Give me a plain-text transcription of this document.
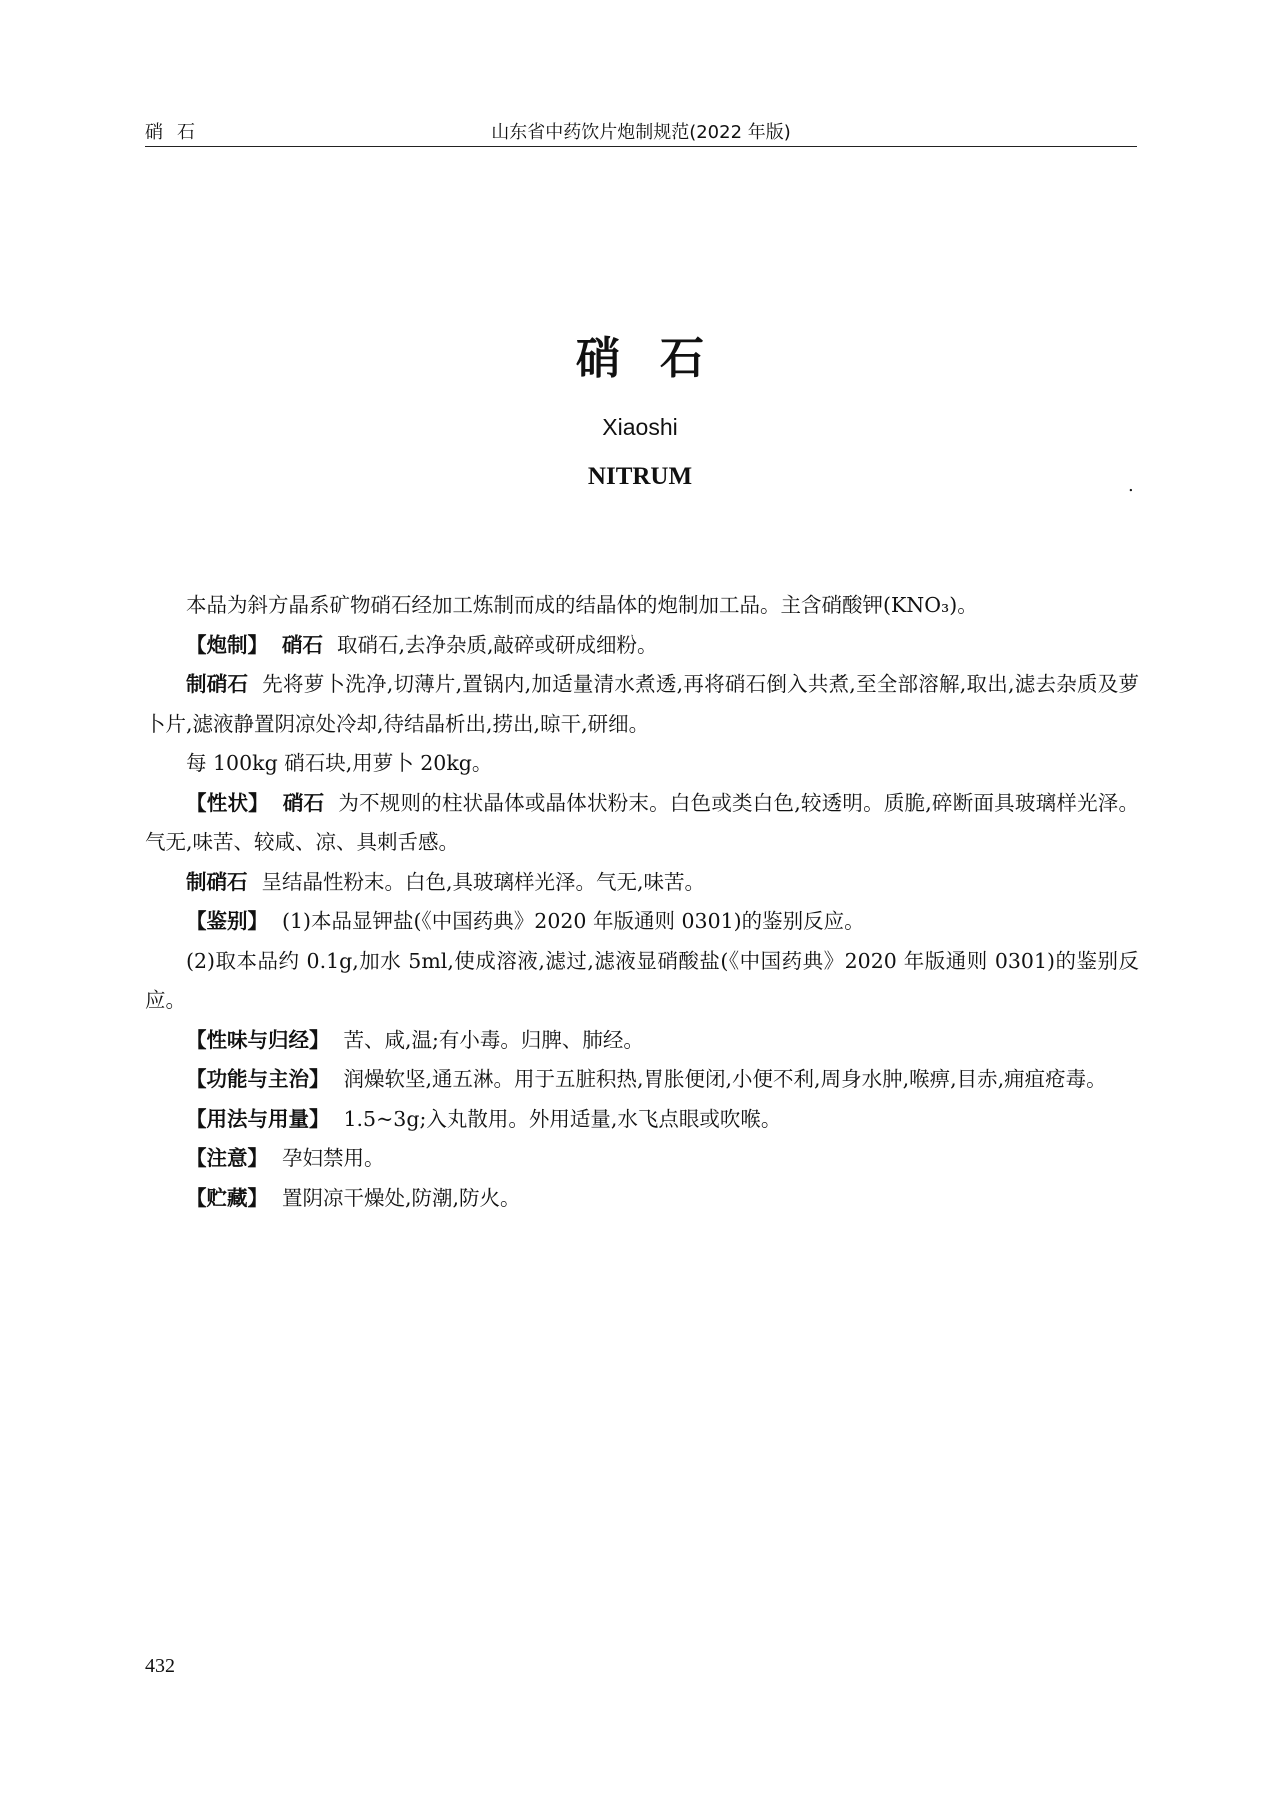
硝石	山东省中药饮片炮制规范(2022 年版)
硝石
Xiaoshi
NITRUM	.

本品为斜方晶系矿物硝石经加工炼制而成的结晶体的炮制加工品。主含硝酸钾(KNO₃)。

【炮制】 硝石 取硝石,去净杂质,敲碎或研成细粉。

制硝石 先将萝卜洗净,切薄片,置锅内,加适量清水煮透,再将硝石倒入共煮,至全部溶解,取出,滤去杂质及萝卜片,滤液静置阴凉处冷却,待结晶析出,捞出,晾干,研细。

每 100kg 硝石块,用萝卜 20kg。

【性状】 硝石 为不规则的柱状晶体或晶体状粉末。白色或类白色,较透明。质脆,碎断面具玻璃样光泽。气无,味苦、较咸、凉、具刺舌感。

制硝石 呈结晶性粉末。白色,具玻璃样光泽。气无,味苦。

【鉴别】 (1)本品显钾盐(《中国药典》2020 年版通则 0301)的鉴别反应。

(2)取本品约 0.1g,加水 5ml,使成溶液,滤过,滤液显硝酸盐(《中国药典》2020 年版通则 0301)的鉴别反应。

【性味与归经】 苦、咸,温;有小毒。归脾、肺经。

【功能与主治】 润燥软坚,通五淋。用于五脏积热,胃胀便闭,小便不利,周身水肿,喉痹,目赤,痈疽疮毒。

【用法与用量】 1.5~3g;入丸散用。外用适量,水飞点眼或吹喉。

【注意】 孕妇禁用。

【贮藏】 置阴凉干燥处,防潮,防火。

432
